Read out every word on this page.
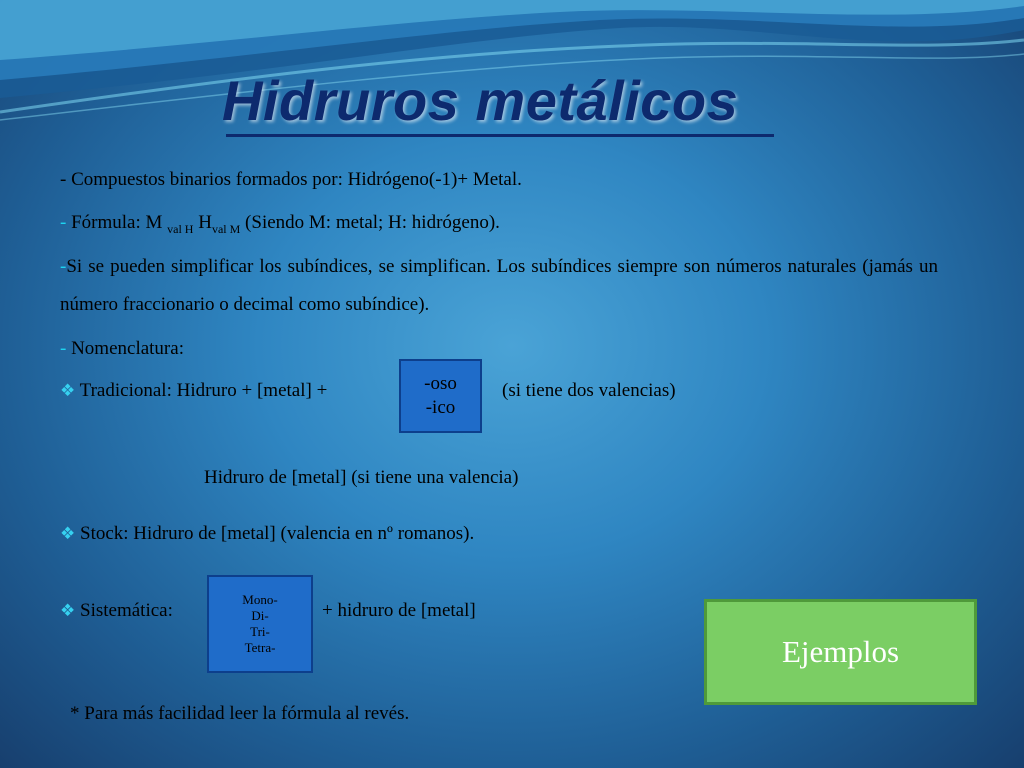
Hidruros metálicos
- Compuestos binarios formados por: Hidrógeno(-1)+ Metal.
- Fórmula: M $_{val H}$ $H_{val M}$ (Siendo M: metal; H: hidrógeno).
-Si se pueden simplificar los subíndices, se simplifican. Los subíndices siempre son números naturales (jamás un número fraccionario o decimal como subíndice).
- Nomenclatura:
❖ Tradicional: Hidruro + [metal] +	-oso
-ico
(si tiene dos valencias)
Hidruro de [metal] (si tiene una valencia)
❖ Stock: Hidruro de [metal] (valencia en nº romanos).
❖ Sistemática:
Mono-
Di-
Tri-
Tetra-
+ hidruro de [metal]
Ejemplos
* Para más facilidad leer la fórmula al revés.
